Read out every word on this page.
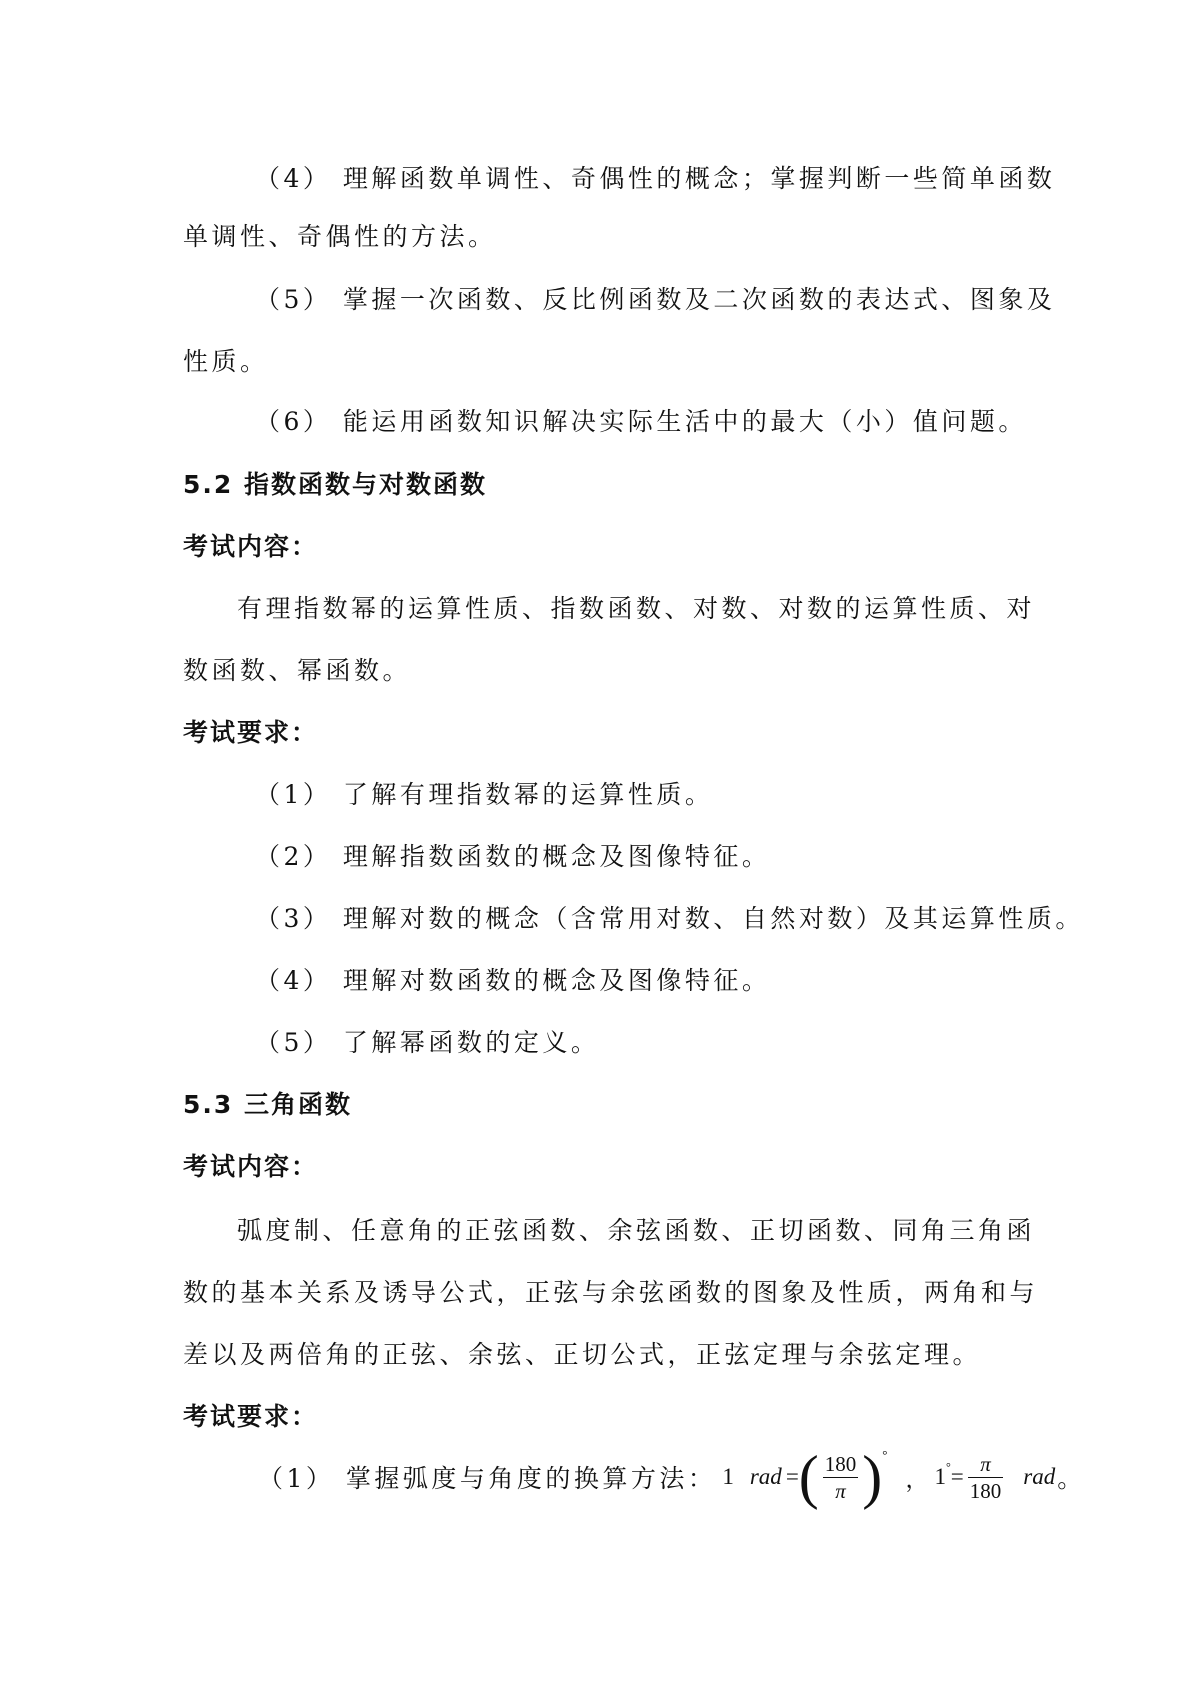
（4） 理解函数单调性、奇偶性的概念；掌握判断一些简单函数
单调性、奇偶性的方法。
（5） 掌握一次函数、反比例函数及二次函数的表达式、图象及
性质。
（6） 能运用函数知识解决实际生活中的最大（小）值问题。
5.2 指数函数与对数函数
考试内容：
有理指数幂的运算性质、指数函数、对数、对数的运算性质、对
数函数、幂函数。
考试要求：
（1） 了解有理指数幂的运算性质。
（2） 理解指数函数的概念及图像特征。
（3） 理解对数的概念（含常用对数、自然对数）及其运算性质。
（4） 理解对数函数的概念及图像特征。
（5） 了解幂函数的定义。
5.3 三角函数
考试内容：
弧度制、任意角的正弦函数、余弦函数、正切函数、同角三角函
数的基本关系及诱导公式，正弦与余弦函数的图象及性质，两角和与
差以及两倍角的正弦、余弦、正切公式，正弦定理与余弦定理。
考试要求：
（1） 掌握弧度与角度的换算方法： 1 rad = ( $\frac{180}{\pi}$ ) °
， 1 ° = $\frac{\pi}{180}$ rad 。
